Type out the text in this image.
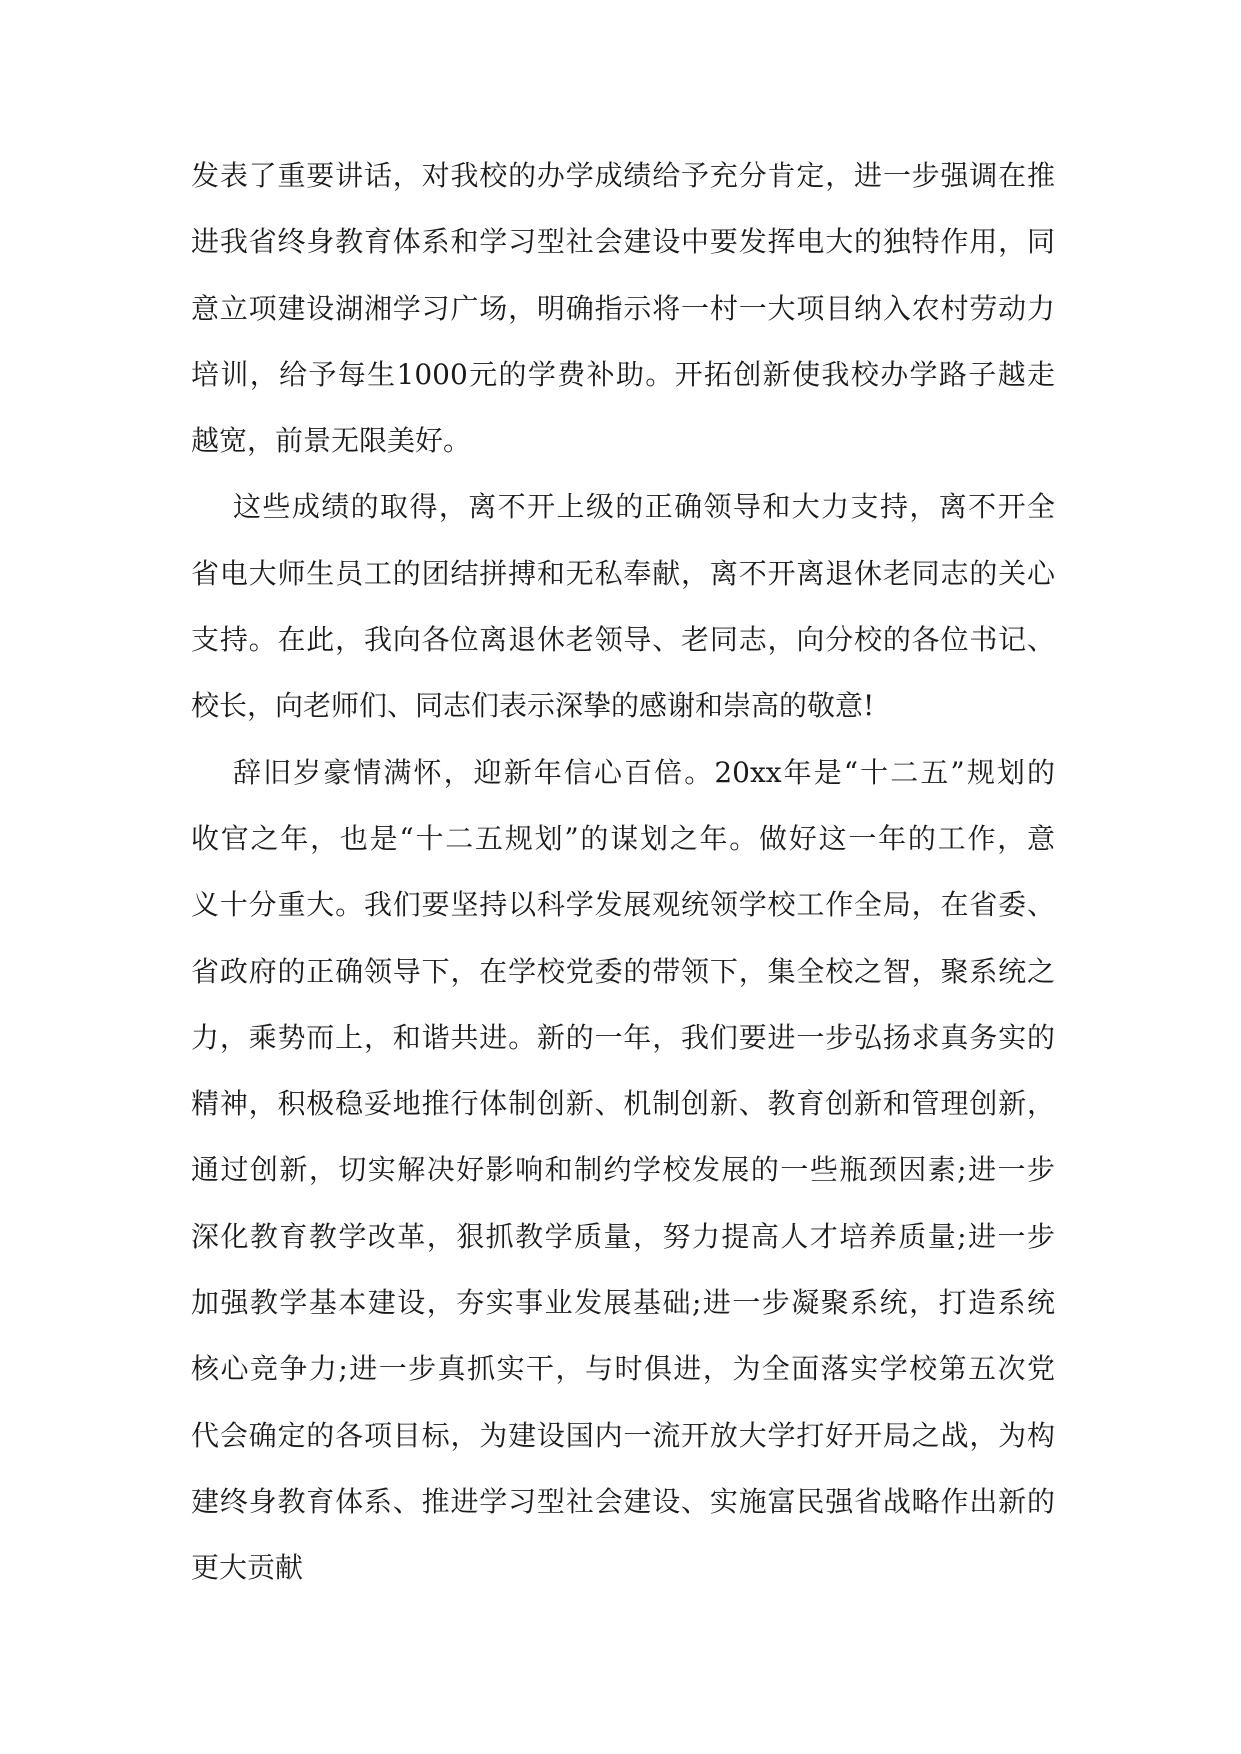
发表了重要讲话，对我校的办学成绩给予充分肯定，进一步强调在推
进我省终身教育体系和学习型社会建设中要发挥电大的独特作用，同
意立项建设湖湘学习广场，明确指示将一村一大项目纳入农村劳动力
培训，给予每生1000元的学费补助。开拓创新使我校办学路子越走
越宽，前景无限美好。
这些成绩的取得，离不开上级的正确领导和大力支持，离不开全
省电大师生员工的团结拼搏和无私奉献，离不开离退休老同志的关心
支持。在此，我向各位离退休老领导、老同志，向分校的各位书记、
校长，向老师们、同志们表示深挚的感谢和崇高的敬意!
辞旧岁豪情满怀，迎新年信心百倍。20xx年是“十二五”规划的
收官之年，也是“十二五规划”的谋划之年。做好这一年的工作，意
义十分重大。我们要坚持以科学发展观统领学校工作全局，在省委、
省政府的正确领导下，在学校党委的带领下，集全校之智，聚系统之
力，乘势而上，和谐共进。新的一年，我们要进一步弘扬求真务实的
精神，积极稳妥地推行体制创新、机制创新、教育创新和管理创新，
通过创新，切实解决好影响和制约学校发展的一些瓶颈因素;进一步
深化教育教学改革，狠抓教学质量，努力提高人才培养质量;进一步
加强教学基本建设，夯实事业发展基础;进一步凝聚系统，打造系统
核心竞争力;进一步真抓实干，与时俱进，为全面落实学校第五次党
代会确定的各项目标，为建设国内一流开放大学打好开局之战，为构
建终身教育体系、推进学习型社会建设、实施富民强省战略作出新的
更大贡献
